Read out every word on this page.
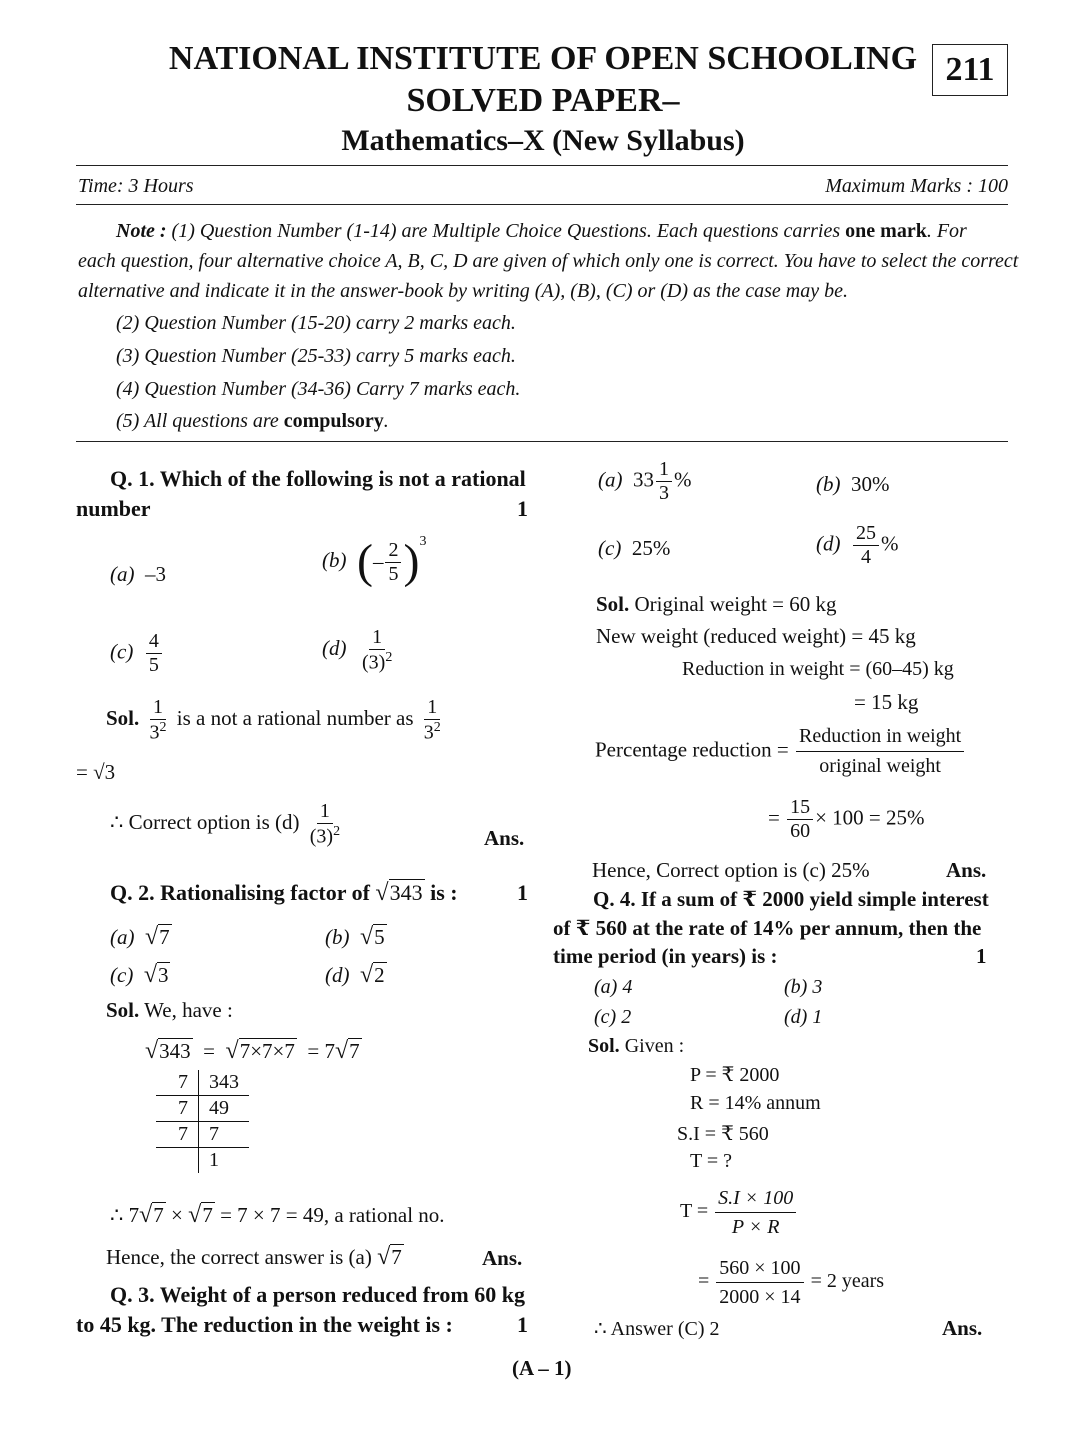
NATIONAL INSTITUTE OF OPEN SCHOOLING
SOLVED PAPER–
Mathematics–X (New Syllabus)
211
Time: 3 Hours	Maximum Marks : 100
Note : (1) Question Number (1-14) are Multiple Choice Questions. Each questions carries one mark. For
each question, four alternative choice A, B, C, D are given of which only one is correct. You have to select the correct
alternative and indicate it in the answer-book by writing (A), (B), (C) or (D) as the case may be.
(2) Question Number (15-20) carry 2 marks each.
(3) Question Number (25-33) carry 5 marks each.
(4) Question Number (34-36) Carry 7 marks each.
(5) All questions are compulsory.
Q. 1. Which of the following is not a rational
number	1
(a) –3
(b) (– $\frac{2}{5} )^3$
$(c) \frac{4}{5}$	$(d) \frac{1}{(3)^2}$
Sol. $\frac{1}{3^2}$ is a not a rational number as $\frac{1}{3^2}$
= √3
∴ Correct option is $(d) \frac{1}{(3)^2}$	Ans.
Q. 2. Rationalising factor of √343 is :	1
(a) √7	(b) √5
(c) √3	(d) √2
Sol. We, have :
√343  =  √7×7×7  = 7√7
7	343
7	49
7	7
	1
∴ 7√7 × √7 = 7 × 7 = 49, a rational no.
Hence, the correct answer is (a) √7	Ans.
Q. 3. Weight of a person reduced from 60 kg
to 45 kg. The reduction in the weight is :	1
(a)  $33 \frac{1}{3}$ %	(b) 30%
(c) 25%	$(d) \frac{25}{4}$ %
Sol. Original weight = 60 kg
New weight (reduced weight) = 45 kg
Reduction in weight = (60–45) kg
= 15 kg
Percentage reduction = $\frac{\text{Reduction in weight}}{\text{original weight}}$
= $\frac{15}{60} \times 100 = 25\%$
Hence, Correct option is (c) 25%	Ans.
Q. 4. If a sum of ₹ 2000 yield simple interest
of ₹ 560 at the rate of 14% per annum, then the
time period (in years) is :	1
(a) 4	(b) 3
(c) 2	(d) 1
Sol. Given :
P = ₹ 2000
R = 14% annum
S.I = ₹ 560
T = ?
$T = \frac{S.I \times 100}{P \times R}$
= $\frac{560 \times 100}{2000 \times 14} = 2$ years
∴ Answer (C) 2	Ans.
(A – 1)
